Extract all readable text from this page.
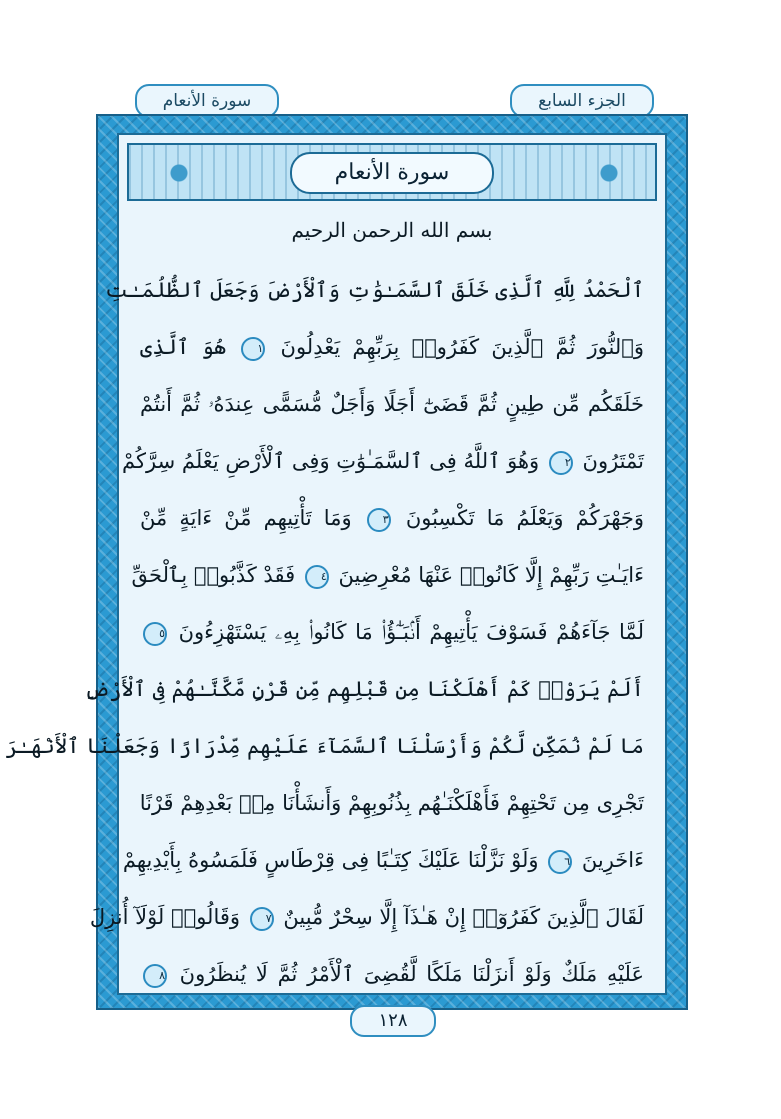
سورة الأنعام	الجزء السابع
سورة الأنعام
بسم الله الرحمن الرحيم
ٱلْحَمْدُ لِلَّهِ ٱلَّذِى خَلَقَ ٱلسَّمَـٰوَٰتِ وَٱلْأَرْضَ وَجَعَلَ ٱلظُّلُمَـٰتِ
وَٱلنُّورَ ثُمَّ ٱلَّذِينَ كَفَرُوا۟ بِرَبِّهِمْ يَعْدِلُونَ ١ هُوَ ٱلَّذِى
خَلَقَكُم مِّن طِينٍ ثُمَّ قَضَىٰٓ أَجَلًا وَأَجَلٌ مُّسَمًّى عِندَهُۥ ثُمَّ أَنتُمْ
تَمْتَرُونَ ٢ وَهُوَ ٱللَّهُ فِى ٱلسَّمَـٰوَٰتِ وَفِى ٱلْأَرْضِ يَعْلَمُ سِرَّكُمْ
وَجَهْرَكُمْ وَيَعْلَمُ مَا تَكْسِبُونَ ٣ وَمَا تَأْتِيهِم مِّنْ ءَايَةٍ مِّنْ
ءَايَـٰتِ رَبِّهِمْ إِلَّا كَانُوا۟ عَنْهَا مُعْرِضِينَ ٤ فَقَدْ كَذَّبُوا۟ بِٱلْحَقِّ
لَمَّا جَآءَهُمْ فَسَوْفَ يَأْتِيهِمْ أَنۢبَـٰٓؤُا۟ مَا كَانُوا۟ بِهِۦ يَسْتَهْزِءُونَ ٥
أَلَمْ يَرَوْا۟ كَمْ أَهْلَكْنَا مِن قَبْلِهِم مِّن قَرْنٍ مَّكَّنَّـٰهُمْ فِى ٱلْأَرْضِ
مَا لَمْ نُمَكِّن لَّكُمْ وَأَرْسَلْنَا ٱلسَّمَآءَ عَلَيْهِم مِّدْرَارًا وَجَعَلْنَا ٱلْأَنْهَـٰرَ
تَجْرِى مِن تَحْتِهِمْ فَأَهْلَكْنَـٰهُم بِذُنُوبِهِمْ وَأَنشَأْنَا مِنۢ بَعْدِهِمْ قَرْنًا
ءَاخَرِينَ ٦ وَلَوْ نَزَّلْنَا عَلَيْكَ كِتَـٰبًا فِى قِرْطَاسٍ فَلَمَسُوهُ بِأَيْدِيهِمْ
لَقَالَ ٱلَّذِينَ كَفَرُوٓا۟ إِنْ هَـٰذَآ إِلَّا سِحْرٌ مُّبِينٌ ٧ وَقَالُوا۟ لَوْلَآ أُنزِلَ
عَلَيْهِ مَلَكٌ وَلَوْ أَنزَلْنَا مَلَكًا لَّقُضِىَ ٱلْأَمْرُ ثُمَّ لَا يُنظَرُونَ ٨
١٢٨
